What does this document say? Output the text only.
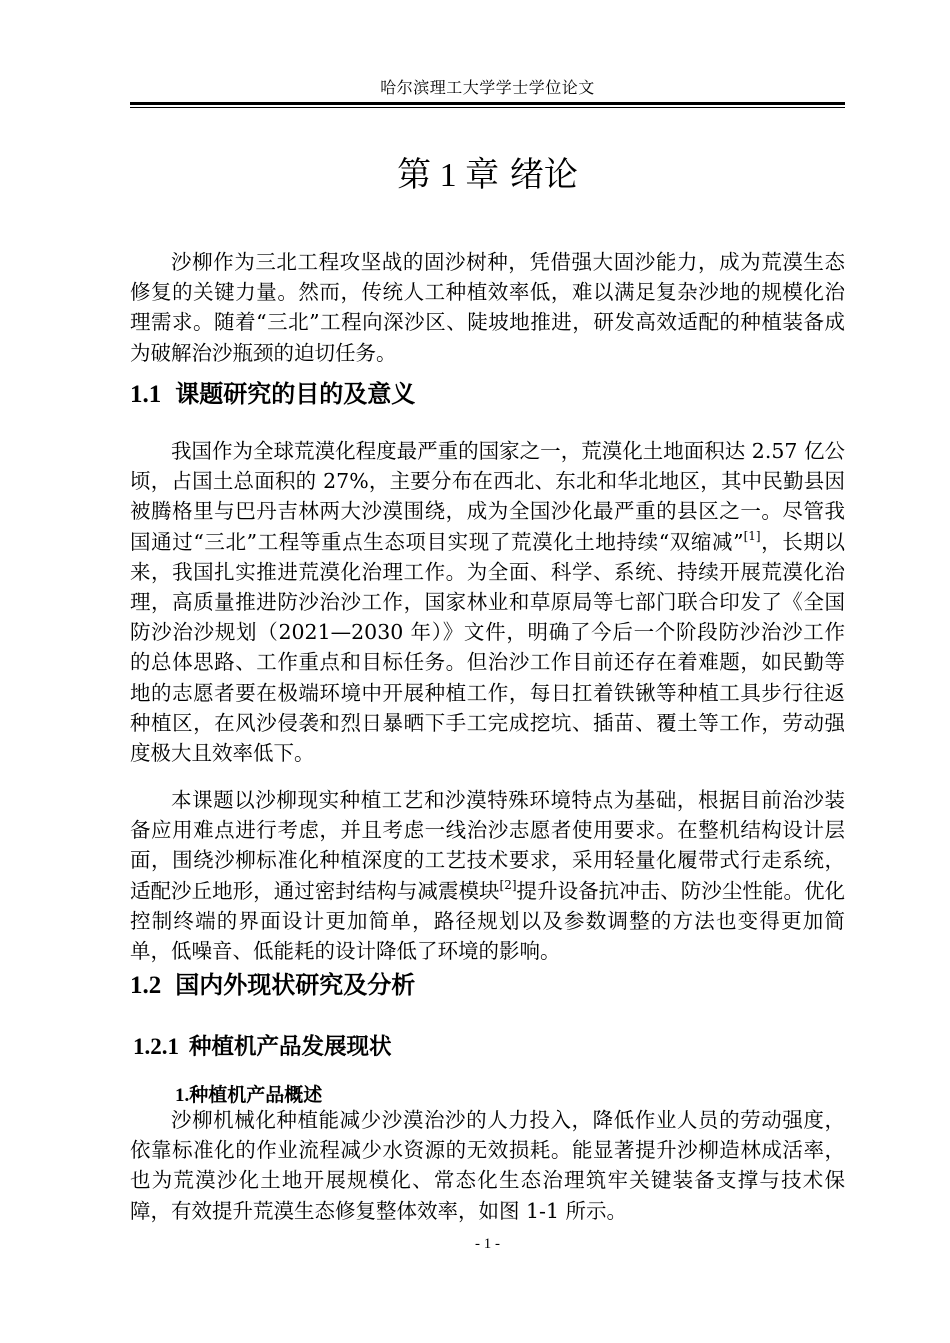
哈尔滨理工大学学士学位论文
第 1 章 绪论

沙柳作为三北工程攻坚战的固沙树种，凭借强大固沙能力，成为荒漠生态修复的关键力量。然而，传统人工种植效率低，难以满足复杂沙地的规模化治理需求。随着“三北”工程向深沙区、陡坡地推进，研发高效适配的种植装备成为破解治沙瓶颈的迫切任务。

1.1 课题研究的目的及意义

我国作为全球荒漠化程度最严重的国家之一，荒漠化土地面积达 2.57 亿公顷，占国土总面积的 27%，主要分布在西北、东北和华北地区，其中民勤县因被腾格里与巴丹吉林两大沙漠围绕，成为全国沙化最严重的县区之一。尽管我国通过“三北”工程等重点生态项目实现了荒漠化土地持续“双缩减”[1]，长期以来，我国扎实推进荒漠化治理工作。为全面、科学、系统、持续开展荒漠化治理，高质量推进防沙治沙工作，国家林业和草原局等七部门联合印发了《全国防沙治沙规划（2021—2030 年）》文件，明确了今后一个阶段防沙治沙工作的总体思路、工作重点和目标任务。但治沙工作目前还存在着难题，如民勤等地的志愿者要在极端环境中开展种植工作，每日扛着铁锹等种植工具步行往返种植区，在风沙侵袭和烈日暴晒下手工完成挖坑、插苗、覆土等工作，劳动强度极大且效率低下。

本课题以沙柳现实种植工艺和沙漠特殊环境特点为基础，根据目前治沙装备应用难点进行考虑，并且考虑一线治沙志愿者使用要求。在整机结构设计层面，围绕沙柳标准化种植深度的工艺技术要求，采用轻量化履带式行走系统，适配沙丘地形，通过密封结构与减震模块[2]提升设备抗冲击、防沙尘性能。优化控制终端的界面设计更加简单，路径规划以及参数调整的方法也变得更加简单，低噪音、低能耗的设计降低了环境的影响。

1.2 国内外现状研究及分析
1.2.1 种植机产品发展现状
1.种植机产品概述

沙柳机械化种植能减少沙漠治沙的人力投入，降低作业人员的劳动强度，依靠标准化的作业流程减少水资源的无效损耗。能显著提升沙柳造林成活率，也为荒漠沙化土地开展规模化、常态化生态治理筑牢关键装备支撑与技术保障，有效提升荒漠生态修复整体效率，如图 1-1 所示。

- 1 -
